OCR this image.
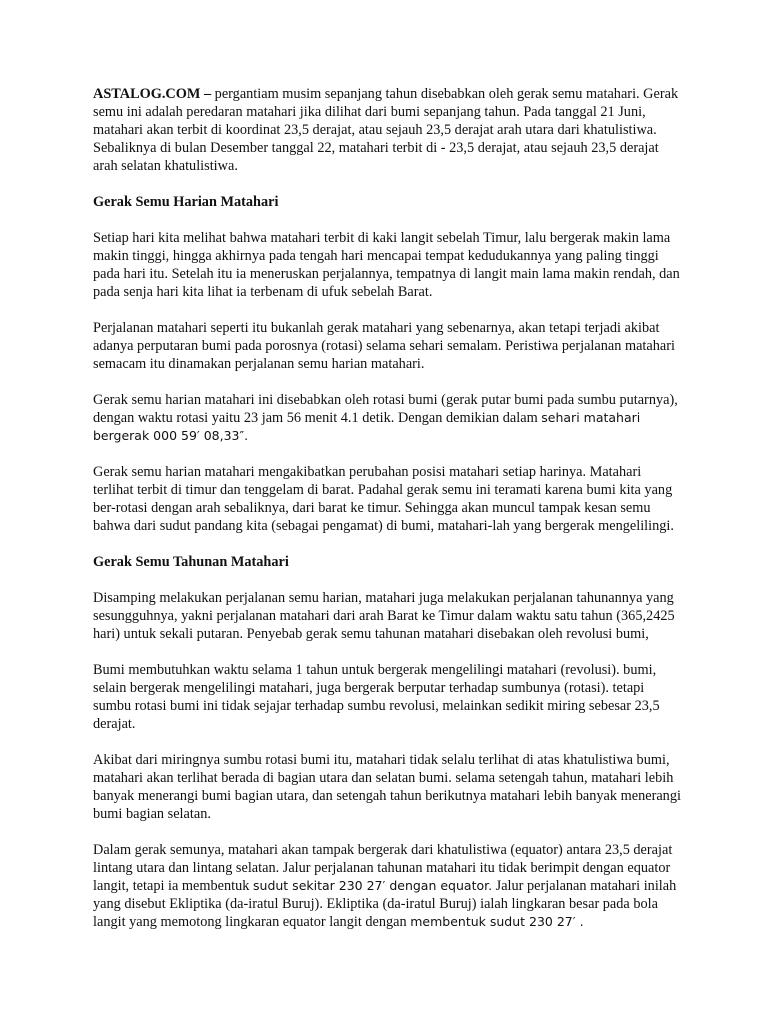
ASTALOG.COM – pergantiam musim sepanjang tahun disebabkan oleh gerak semu matahari. Gerak semu ini adalah peredaran matahari jika dilihat dari bumi sepanjang tahun. Pada tanggal 21 Juni, matahari akan terbit di koordinat 23,5 derajat, atau sejauh 23,5 derajat arah utara dari khatulistiwa. Sebaliknya di bulan Desember tanggal 22, matahari terbit di - 23,5 derajat, atau sejauh 23,5 derajat arah selatan khatulistiwa.

Gerak Semu Harian Matahari

Setiap hari kita melihat bahwa matahari terbit di kaki langit sebelah Timur, lalu bergerak makin lama makin tinggi, hingga akhirnya pada tengah hari mencapai tempat kedudukannya yang paling tinggi pada hari itu. Setelah itu ia meneruskan perjalannya, tempatnya di langit main lama makin rendah, dan pada senja hari kita lihat ia terbenam di ufuk sebelah Barat.

Perjalanan matahari seperti itu bukanlah gerak matahari yang sebenarnya, akan tetapi terjadi akibat adanya perputaran bumi pada porosnya (rotasi) selama sehari semalam. Peristiwa perjalanan matahari semacam itu dinamakan perjalanan semu harian matahari.

Gerak semu harian matahari ini disebabkan oleh rotasi bumi (gerak putar bumi pada sumbu putarnya), dengan waktu rotasi yaitu 23 jam 56 menit 4.1 detik. Dengan demikian dalam sehari matahari bergerak 000 59′ 08,33″.

Gerak semu harian matahari mengakibatkan perubahan posisi matahari setiap harinya. Matahari terlihat terbit di timur dan tenggelam di barat. Padahal gerak semu ini teramati karena bumi kita yang ber-rotasi dengan arah sebaliknya, dari barat ke timur. Sehingga akan muncul tampak kesan semu bahwa dari sudut pandang kita (sebagai pengamat) di bumi, matahari-lah yang bergerak mengelilingi.

Gerak Semu Tahunan Matahari

Disamping melakukan perjalanan semu harian, matahari juga melakukan perjalanan tahunannya yang sesungguhnya, yakni perjalanan matahari dari arah Barat ke Timur dalam waktu satu tahun (365,2425 hari) untuk sekali putaran. Penyebab gerak semu tahunan matahari disebakan oleh revolusi bumi,

Bumi membutuhkan waktu selama 1 tahun untuk bergerak mengelilingi matahari (revolusi). bumi, selain bergerak mengelilingi matahari, juga bergerak berputar terhadap sumbunya (rotasi). tetapi sumbu rotasi bumi ini tidak sejajar terhadap sumbu revolusi, melainkan sedikit miring sebesar 23,5 derajat.

Akibat dari miringnya sumbu rotasi bumi itu, matahari tidak selalu terlihat di atas khatulistiwa bumi, matahari akan terlihat berada di bagian utara dan selatan bumi. selama setengah tahun, matahari lebih banyak menerangi bumi bagian utara, dan setengah tahun berikutnya matahari lebih banyak menerangi bumi bagian selatan.

Dalam gerak semunya, matahari akan tampak bergerak dari khatulistiwa (equator) antara 23,5 derajat lintang utara dan lintang selatan. Jalur perjalanan tahunan matahari itu tidak berimpit dengan equator langit, tetapi ia membentuk sudut sekitar 230 27′ dengan equator. Jalur perjalanan matahari inilah yang disebut Ekliptika (da-iratul Buruj). Ekliptika (da-iratul Buruj) ialah lingkaran besar pada bola langit yang memotong lingkaran equator langit dengan membentuk sudut 230 27′ .
